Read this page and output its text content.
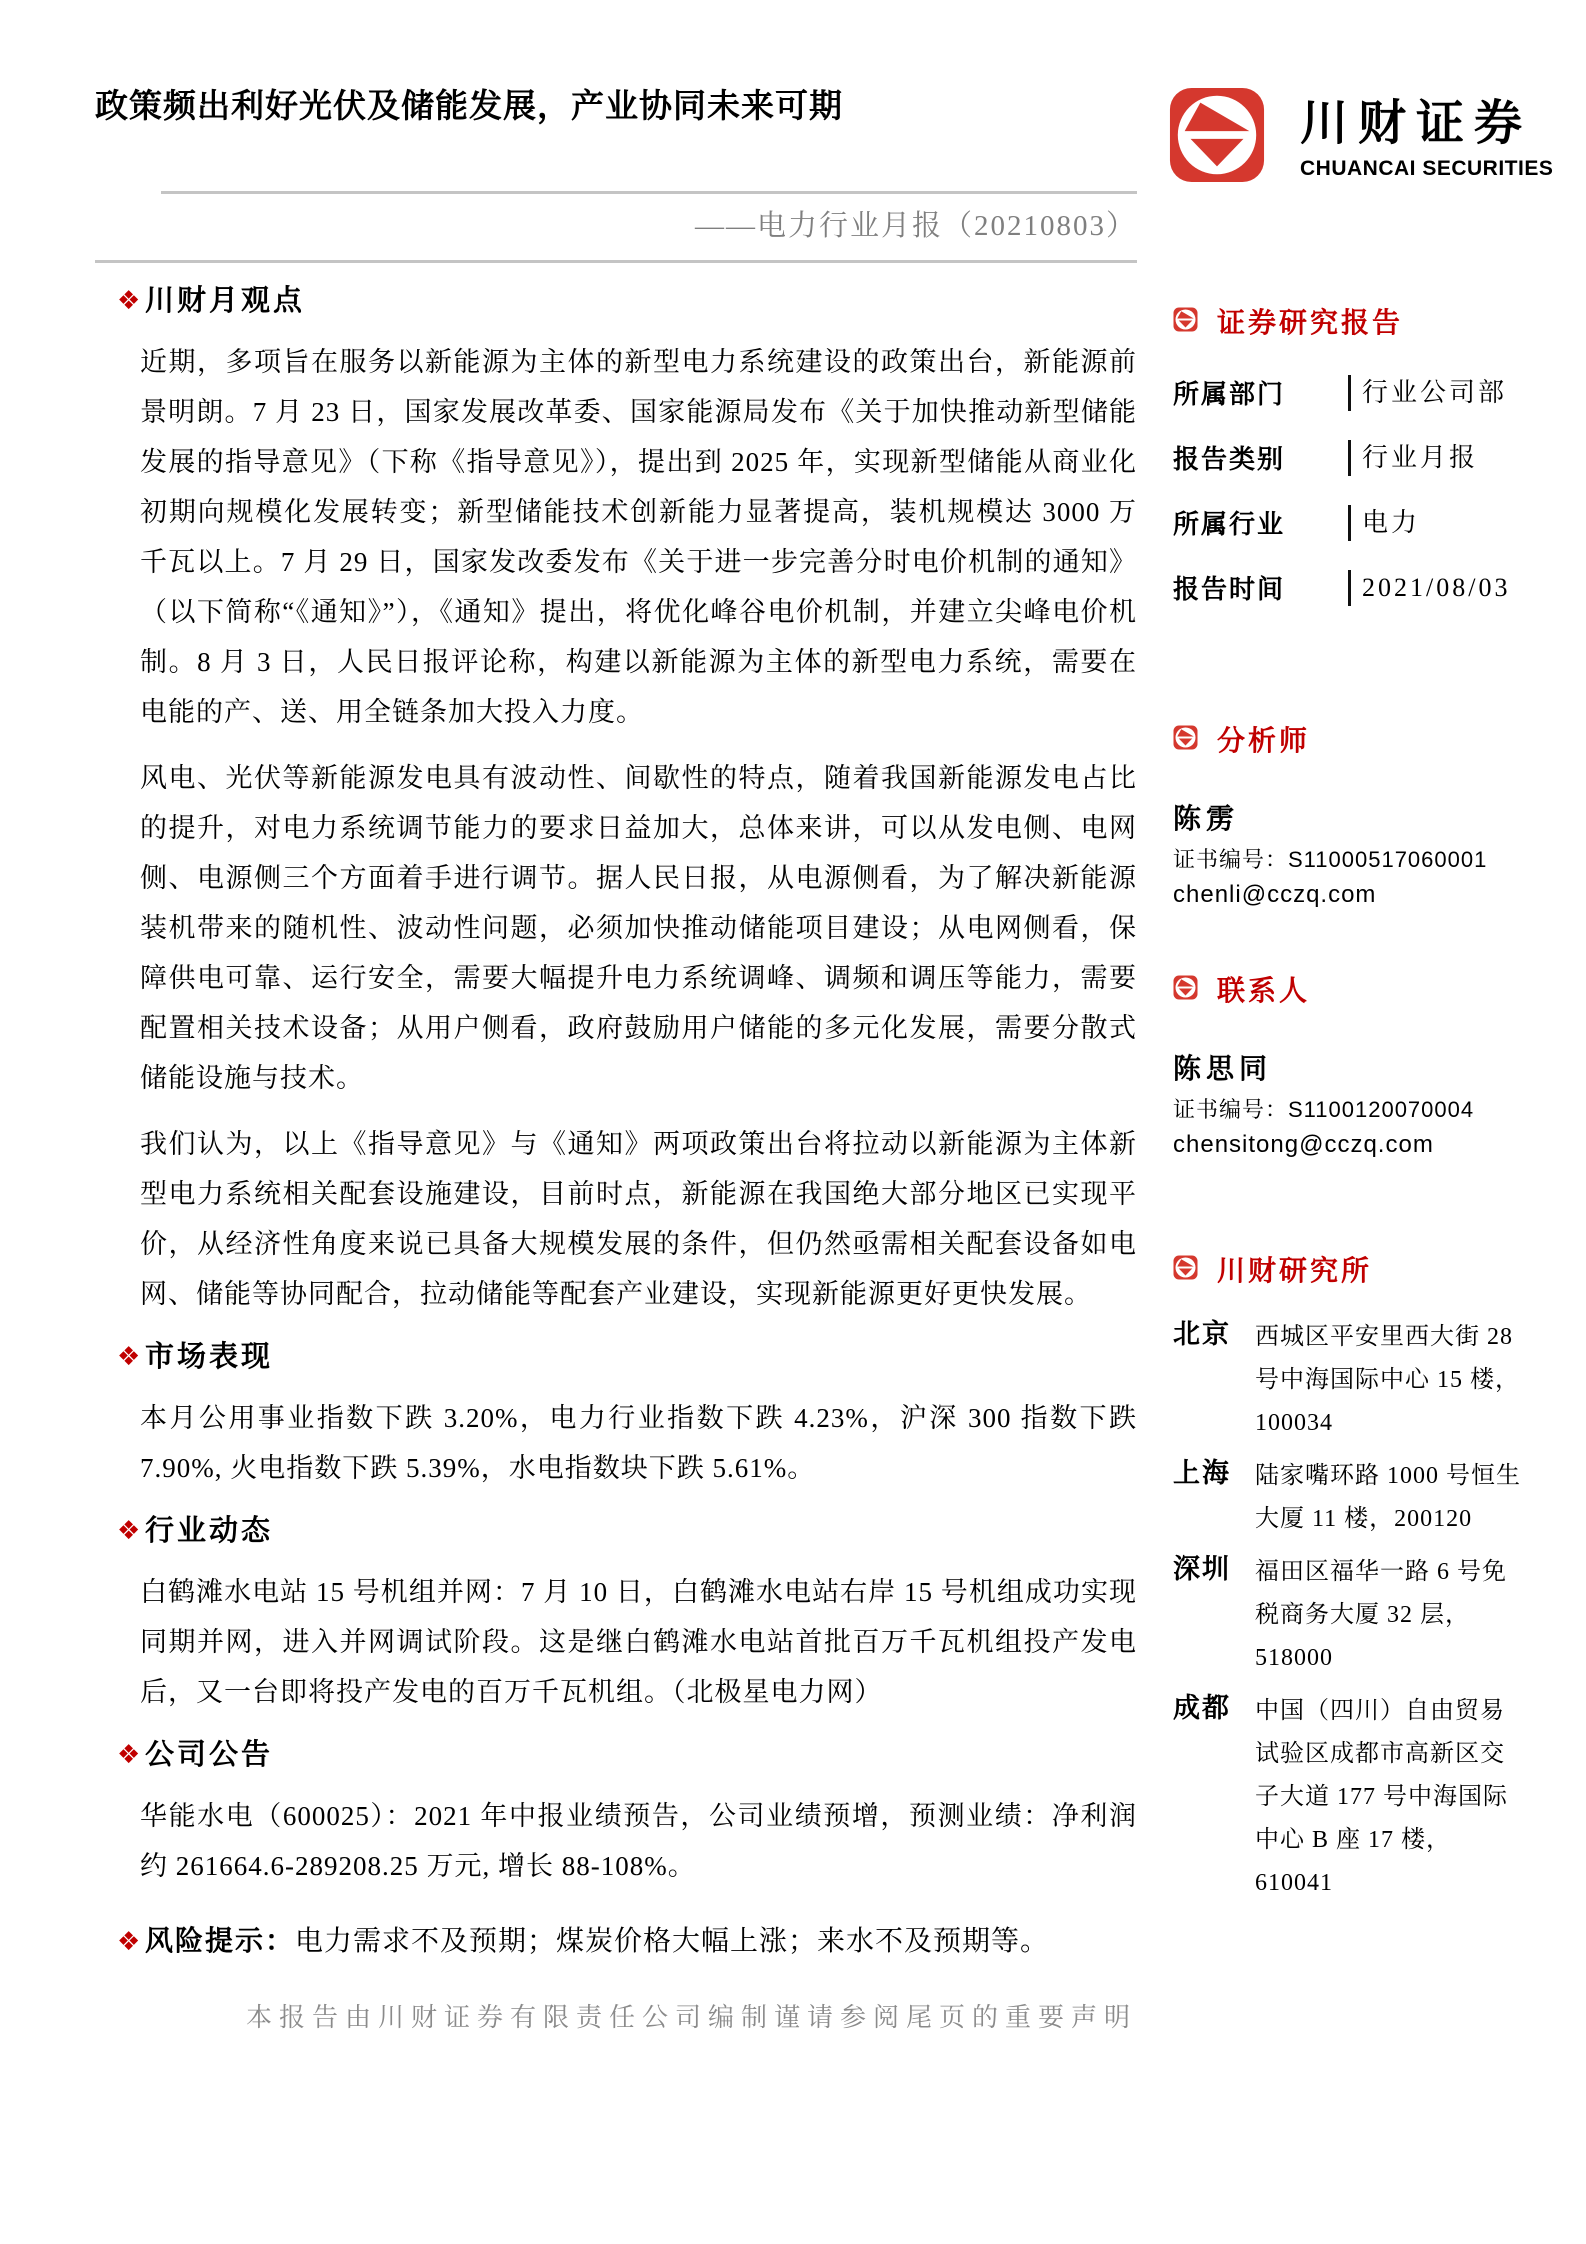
川财证券
CHUANCAI SECURITIES
政策频出利好光伏及储能发展，产业协同未来可期
——电力行业月报（20210803）
❖ 川财月观点

近期，多项旨在服务以新能源为主体的新型电力系统建设的政策出台，新能源前景明朗。7 月 23 日，国家发展改革委、国家能源局发布《关于加快推动新型储能发展的指导意见》（下称《指导意见》），提出到 2025 年，实现新型储能从商业化初期向规模化发展转变；新型储能技术创新能力显著提高，装机规模达 3000 万千瓦以上。7 月 29 日，国家发改委发布《关于进一步完善分时电价机制的通知》（以下简称“《通知》”），《通知》提出，将优化峰谷电价机制，并建立尖峰电价机制。8 月 3 日，人民日报评论称，构建以新能源为主体的新型电力系统，需要在电能的产、送、用全链条加大投入力度。

风电、光伏等新能源发电具有波动性、间歇性的特点，随着我国新能源发电占比的提升，对电力系统调节能力的要求日益加大，总体来讲，可以从发电侧、电网侧、电源侧三个方面着手进行调节。据人民日报，从电源侧看，为了解决新能源装机带来的随机性、波动性问题，必须加快推动储能项目建设；从电网侧看，保障供电可靠、运行安全，需要大幅提升电力系统调峰、调频和调压等能力，需要配置相关技术设备；从用户侧看，政府鼓励用户储能的多元化发展，需要分散式储能设施与技术。

我们认为，以上《指导意见》与《通知》两项政策出台将拉动以新能源为主体新型电力系统相关配套设施建设，目前时点，新能源在我国绝大部分地区已实现平价，从经济性角度来说已具备大规模发展的条件，但仍然亟需相关配套设备如电网、储能等协同配合，拉动储能等配套产业建设，实现新能源更好更快发展。

❖ 市场表现

本月公用事业指数下跌 3.20%，电力行业指数下跌 4.23%，沪深 300 指数下跌 7.90%, 火电指数下跌 5.39%，水电指数块下跌 5.61%。

❖ 行业动态

白鹤滩水电站 15 号机组并网：7 月 10 日，白鹤滩水电站右岸 15 号机组成功实现同期并网，进入并网调试阶段。这是继白鹤滩水电站首批百万千瓦机组投产发电后，又一台即将投产发电的百万千瓦机组。（北极星电力网）

❖ 公司公告

华能水电（600025）：2021 年中报业绩预告，公司业绩预增，预测业绩：净利润约 261664.6-289208.25 万元, 增长 88-108%。

❖ 风险提示：电力需求不及预期；煤炭价格大幅上涨；来水不及预期等。
本报告由川财证券有限责任公司编制谨请参阅尾页的重要声明
证券研究报告
所属部门	行业公司部
报告类别	行业月报
所属行业	电力
报告时间	2021/08/03
分析师
陈雳
证书编号：S11000517060001
chenli@cczq.com
联系人
陈思同
证书编号：S1100120070004
chensitong@cczq.com
川财研究所
北京	西城区平安里西大街 28 号中海国际中心 15 楼，100034
上海	陆家嘴环路 1000 号恒生大厦 11 楼，200120
深圳	福田区福华一路 6 号免税商务大厦 32 层，518000
成都	中国（四川）自由贸易试验区成都市高新区交子大道 177 号中海国际中心 B 座 17 楼，610041
